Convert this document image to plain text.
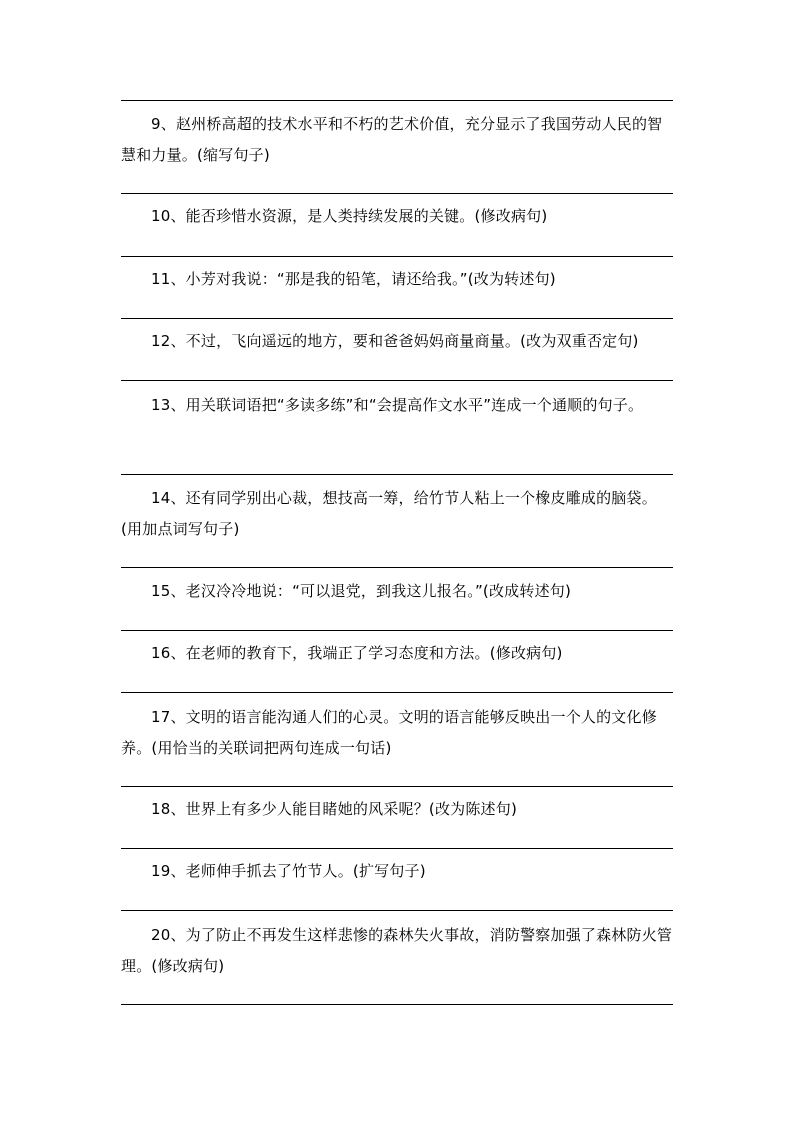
9、赵州桥高超的技术水平和不朽的艺术价值，充分显示了我国劳动人民的智慧和力量。(缩写句子)

10、能否珍惜水资源，是人类持续发展的关键。(修改病句)

11、小芳对我说：“那是我的铅笔，请还给我。”(改为转述句)

12、不过，飞向遥远的地方，要和爸爸妈妈商量商量。(改为双重否定句)

13、用关联词语把“多读多练”和“会提高作文水平”连成一个通顺的句子。

14、还有同学别出心裁，想技高一筹，给竹节人粘上一个橡皮雕成的脑袋。(用加点词写句子)

15、老汉冷冷地说：“可以退党，到我这儿报名。”(改成转述句)

16、在老师的教育下，我端正了学习态度和方法。(修改病句)

17、文明的语言能沟通人们的心灵。文明的语言能够反映出一个人的文化修养。(用恰当的关联词把两句连成一句话)

18、世界上有多少人能目睹她的风采呢？(改为陈述句)

19、老师伸手抓去了竹节人。(扩写句子)

20、为了防止不再发生这样悲惨的森林失火事故，消防警察加强了森林防火管理。(修改病句)
